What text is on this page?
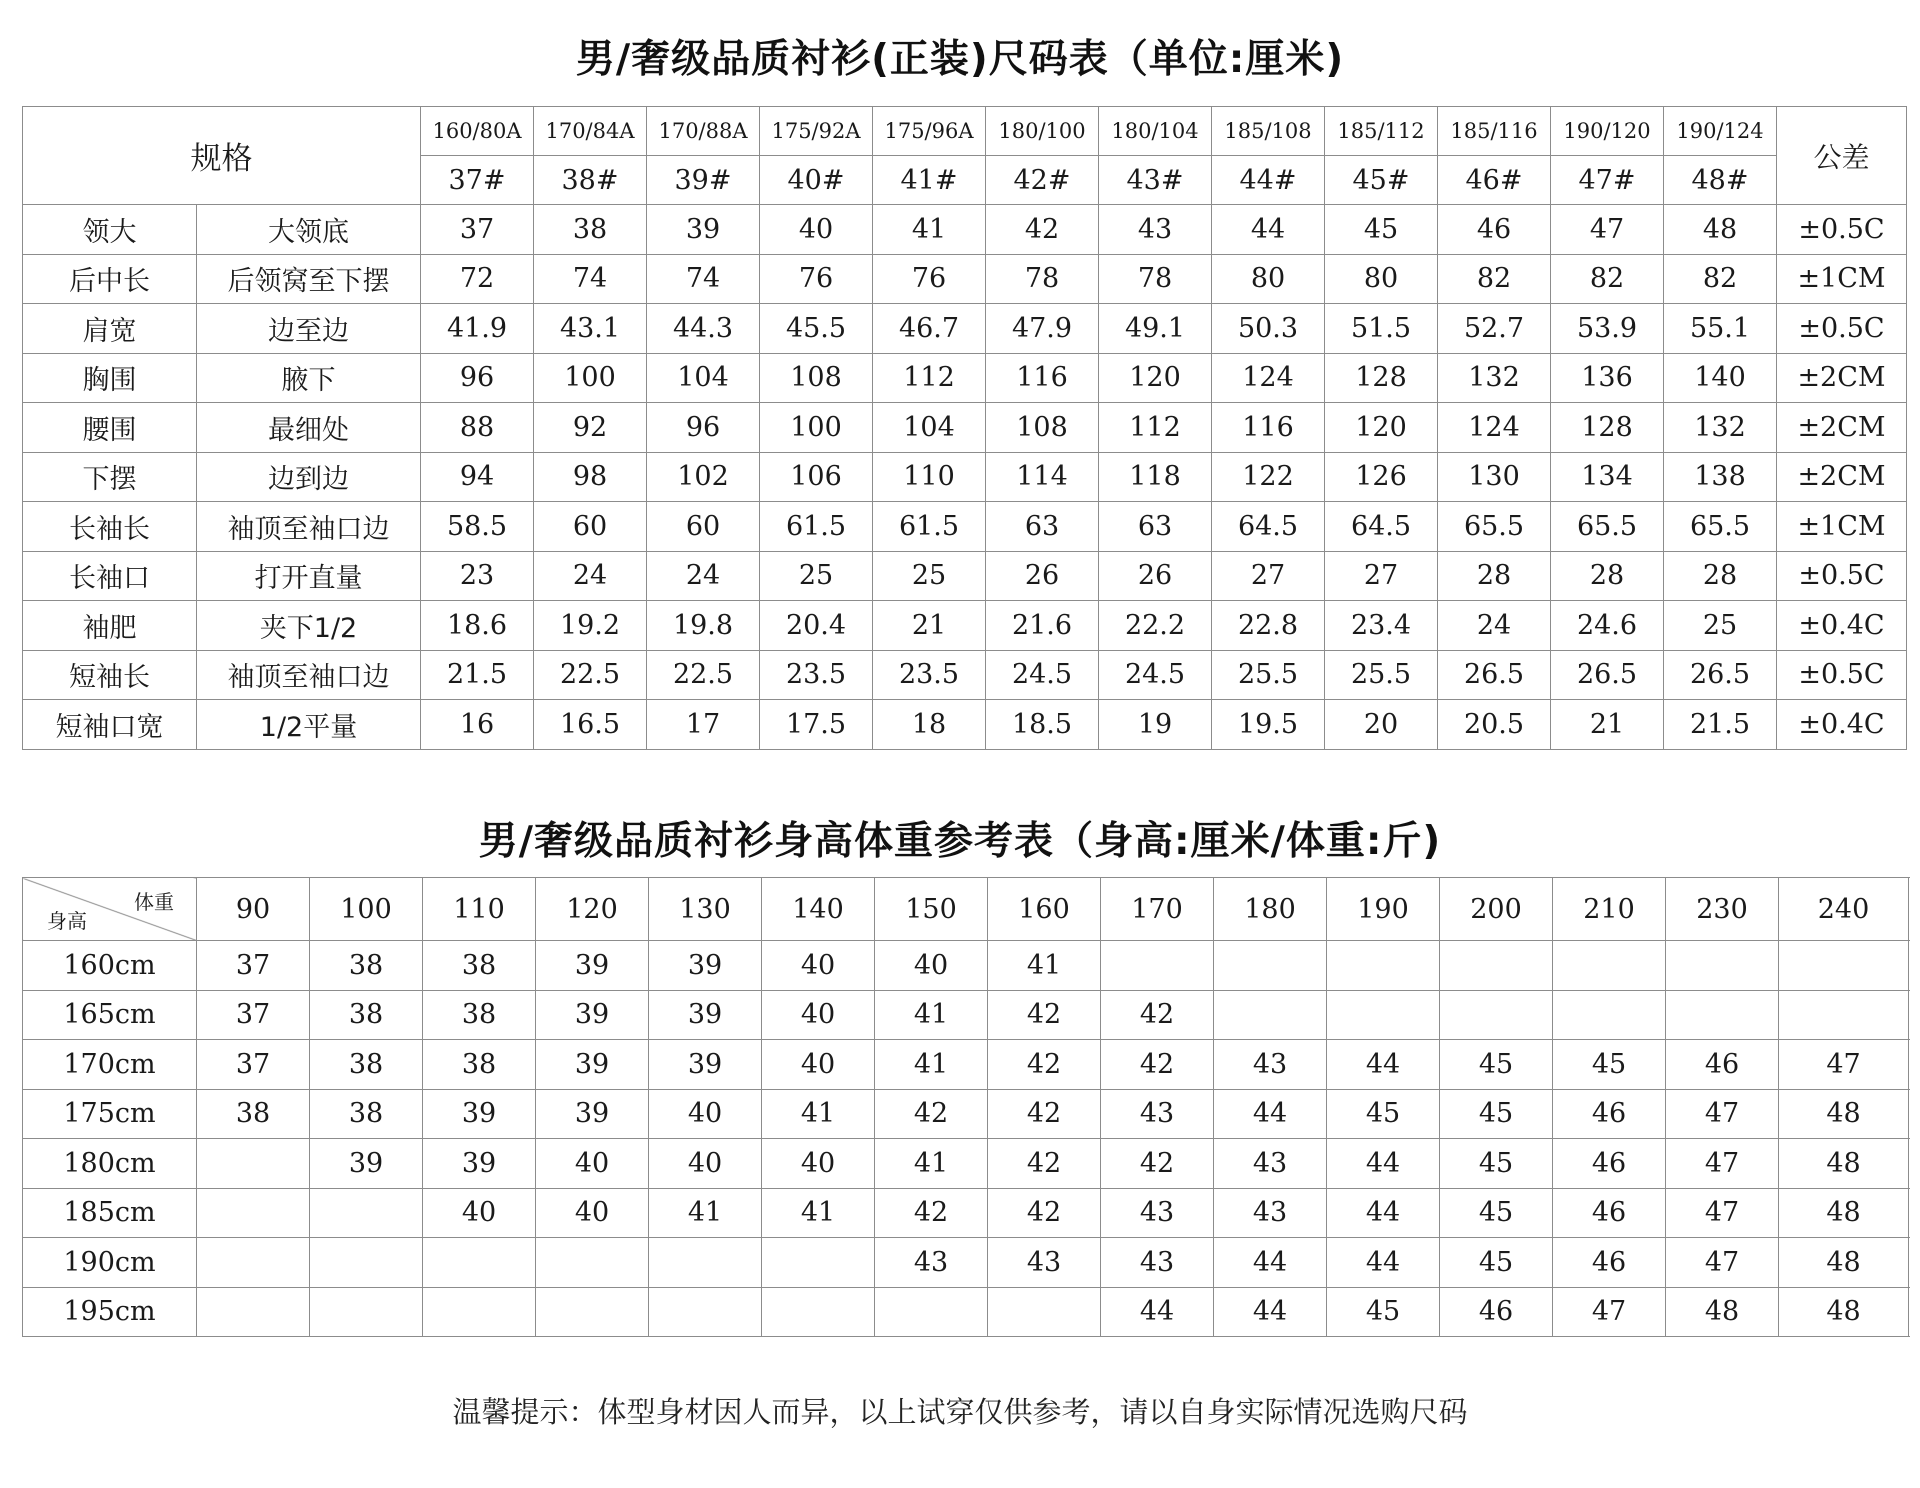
男/奢级品质衬衫(正装)尺码表（单位:厘米)
规格		160/80A	170/84A	170/88A	175/92A	175/96A	180/100	180/104	185/108	185/112	185/116	190/120	190/124	公差
		37#	38#	39#	40#	41#	42#	43#	44#	45#	46#	47#	48#	
领大	大领底	37	38	39	40	41	42	43	44	45	46	47	48	±0.5C
后中长	后领窝至下摆	72	74	74	76	76	78	78	80	80	82	82	82	±1CM
肩宽	边至边	41.9	43.1	44.3	45.5	46.7	47.9	49.1	50.3	51.5	52.7	53.9	55.1	±0.5C
胸围	腋下	96	100	104	108	112	116	120	124	128	132	136	140	±2CM
腰围	最细处	88	92	96	100	104	108	112	116	120	124	128	132	±2CM
下摆	边到边	94	98	102	106	110	114	118	122	126	130	134	138	±2CM
长袖长	袖顶至袖口边	58.5	60	60	61.5	61.5	63	63	64.5	64.5	65.5	65.5	65.5	±1CM
长袖口	打开直量	23	24	24	25	25	26	26	27	27	28	28	28	±0.5C
袖肥	夹下1/2	18.6	19.2	19.8	20.4	21	21.6	22.2	22.8	23.4	24	24.6	25	±0.4C
短袖长	袖顶至袖口边	21.5	22.5	22.5	23.5	23.5	24.5	24.5	25.5	25.5	26.5	26.5	26.5	±0.5C
短袖口宽	1/2平量	16	16.5	17	17.5	18	18.5	19	19.5	20	20.5	21	21.5	±0.4C
男/奢级品质衬衫身高体重参考表（身高:厘米/体重:斤)
体重
身高	90	100	110	120	130	140	150	160	170	180	190	200	210	230	240
160cm	37	38	38	39	39	40	40	41							
165cm	37	38	38	39	39	40	41	42	42						
170cm	37	38	38	39	39	40	41	42	42	43	44	45	45	46	47
175cm	38	38	39	39	40	41	42	42	43	44	45	45	46	47	48
180cm		39	39	40	40	40	41	42	42	43	44	45	46	47	48
185cm			40	40	41	41	42	42	43	43	44	45	46	47	48
190cm							43	43	43	44	44	45	46	47	48
195cm									44	44	45	46	47	48	48
温馨提示：体型身材因人而异，以上试穿仅供参考，请以自身实际情况选购尺码
